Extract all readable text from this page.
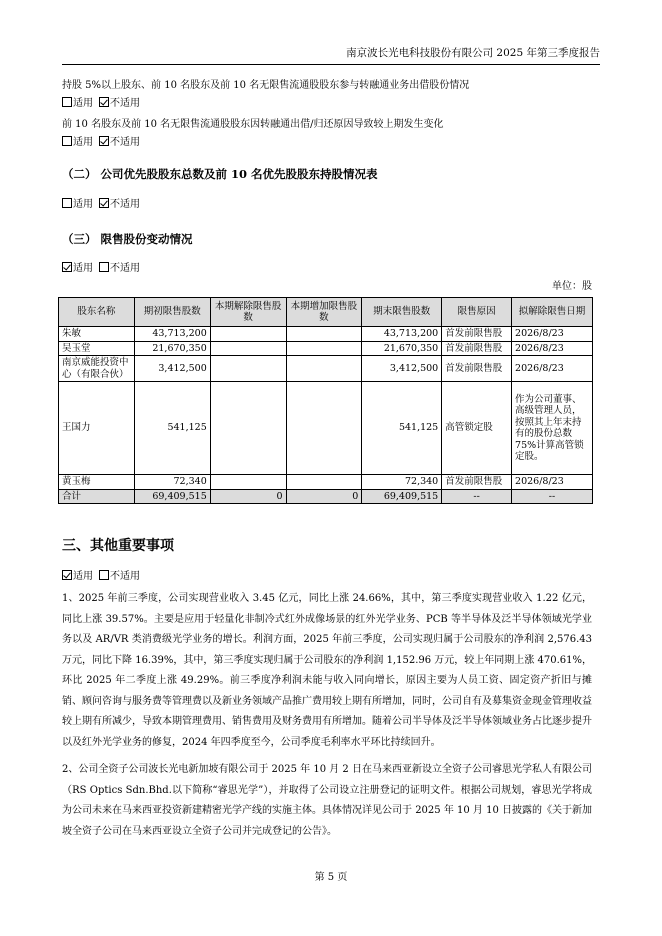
南京波长光电科技股份有限公司 2025 年第三季度报告
持股 5%以上股东、前 10 名股东及前 10 名无限售流通股股东参与转融通业务出借股份情况
适用 不适用
前 10 名股东及前 10 名无限售流通股股东因转融通出借/归还原因导致较上期发生变化
适用 不适用
（二） 公司优先股股东总数及前 10 名优先股股东持股情况表
适用 不适用
（三） 限售股份变动情况
适用 不适用
单位：股
股东名称	期初限售股数	本期解除限售股数	本期增加限售股数	期末限售股数	限售原因	拟解除限售日期
朱敏	43,713,200			43,713,200	首发前限售股	2026/8/23
吴玉堂	21,670,350			21,670,350	首发前限售股	2026/8/23
南京威能投资中心（有限合伙）	3,412,500			3,412,500	首发前限售股	2026/8/23
王国力	541,125			541,125	高管锁定股	作为公司董事、高级管理人员，按照其上年末持有的股份总数 75%计算高管锁定股。
黄玉梅	72,340			72,340	首发前限售股	2026/8/23
合计	69,409,515	0	0	69,409,515	--	--
三、其他重要事项
适用 不适用
1、2025 年前三季度，公司实现营业收入 3.45 亿元，同比上涨 24.66%，其中，第三季度实现营业收入 1.22 亿元，同比上涨 39.57%。主要是应用于轻量化非制冷式红外成像场景的红外光学业务、PCB 等半导体及泛半导体领域光学业务以及 AR/VR 类消费级光学业务的增长。利润方面，2025 年前三季度，公司实现归属于公司股东的净利润 2,576.43 万元，同比下降 16.39%，其中，第三季度实现归属于公司股东的净利润 1,152.96 万元，较上年同期上涨 470.61%，环比 2025 年二季度上涨 49.29%。前三季度净利润未能与收入同向增长，原因主要为人员工资、固定资产折旧与摊销、顾问咨询与服务费等管理费以及新业务领域产品推广费用较上期有所增加，同时，公司自有及募集资金现金管理收益较上期有所减少，导致本期管理费用、销售费用及财务费用有所增加。随着公司半导体及泛半导体领域业务占比逐步提升以及红外光学业务的修复，2024 年四季度至今，公司季度毛利率水平环比持续回升。
2、公司全资子公司波长光电新加坡有限公司于 2025 年 10 月 2 日在马来西亚新设立全资子公司睿思光学私人有限公司（RS Optics Sdn.Bhd.以下简称“睿思光学”），并取得了公司设立注册登记的证明文件。根据公司规划，睿思光学将成为公司未来在马来西亚投资新建精密光学产线的实施主体。具体情况详见公司于 2025 年 10 月 10 日披露的《关于新加坡全资子公司在马来西亚设立全资子公司并完成登记的公告》。
第 5 页
